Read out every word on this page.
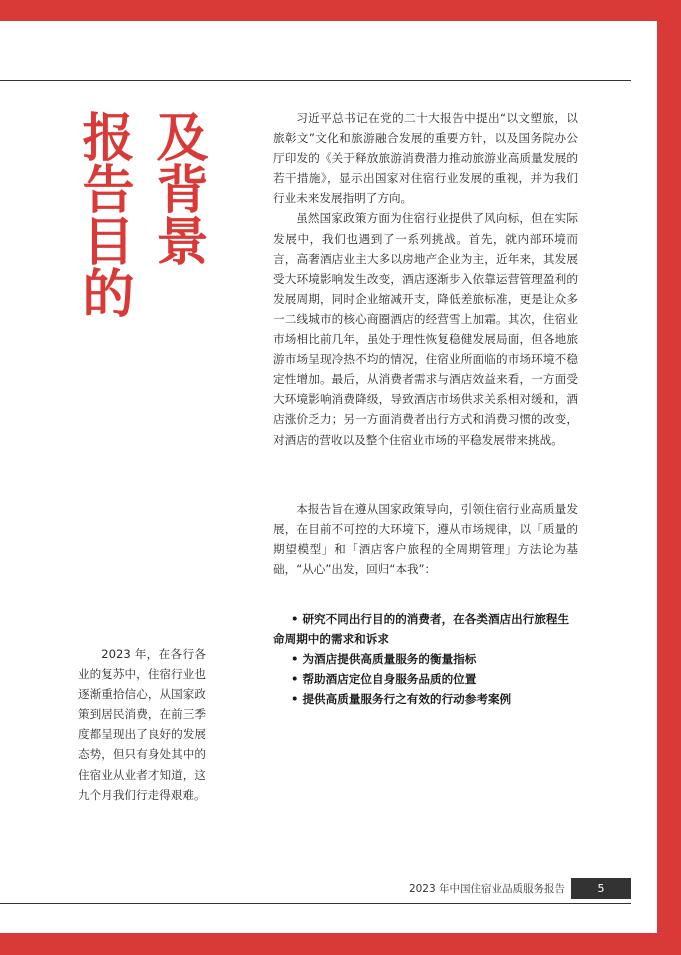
报告目的 及背景	习近平总书记在党的二十大报告中提出“以文塑旅，以旅彰文”文化和旅游融合发展的重要方针，以及国务院办公厅印发的《关于释放旅游消费潜力推动旅游业高质量发展的若干措施》，显示出国家对住宿行业发展的重视，并为我们行业未来发展指明了方向。

虽然国家政策方面为住宿行业提供了风向标，但在实际发展中，我们也遇到了一系列挑战。首先，就内部环境而言，高奢酒店业主大多以房地产企业为主，近年来，其发展受大环境影响发生改变，酒店逐渐步入依靠运营管理盈利的发展周期，同时企业缩减开支，降低差旅标准，更是让众多一二线城市的核心商圈酒店的经营雪上加霜。其次，住宿业市场相比前几年，虽处于理性恢复稳健发展局面，但各地旅游市场呈现冷热不均的情况，住宿业所面临的市场环境不稳定性增加。最后，从消费者需求与酒店效益来看，一方面受大环境影响消费降级，导致酒店市场供求关系相对缓和，酒店涨价乏力；另一方面消费者出行方式和消费习惯的改变，对酒店的营收以及整个住宿业市场的平稳发展带来挑战。

本报告旨在遵从国家政策导向，引领住宿行业高质量发展，在目前不可控的大环境下，遵从市场规律，以「质量的期望模型」和「酒店客户旅程的全周期管理」方法论为基础，“从心”出发，回归“本我”：

• 研究不同出行目的的消费者，在各类酒店出行旅程生命周期中的需求和诉求
• 为酒店提供高质量服务的衡量指标
• 帮助酒店定位自身服务品质的位置
• 提供高质量服务行之有效的行动参考案例

2023 年，在各行各业的复苏中，住宿行业也逐渐重拾信心，从国家政策到居民消费，在前三季度都呈现出了良好的发展态势，但只有身处其中的住宿业从业者才知道，这九个月我们行走得艰难。

2023 年中国住宿业品质服务报告	5
